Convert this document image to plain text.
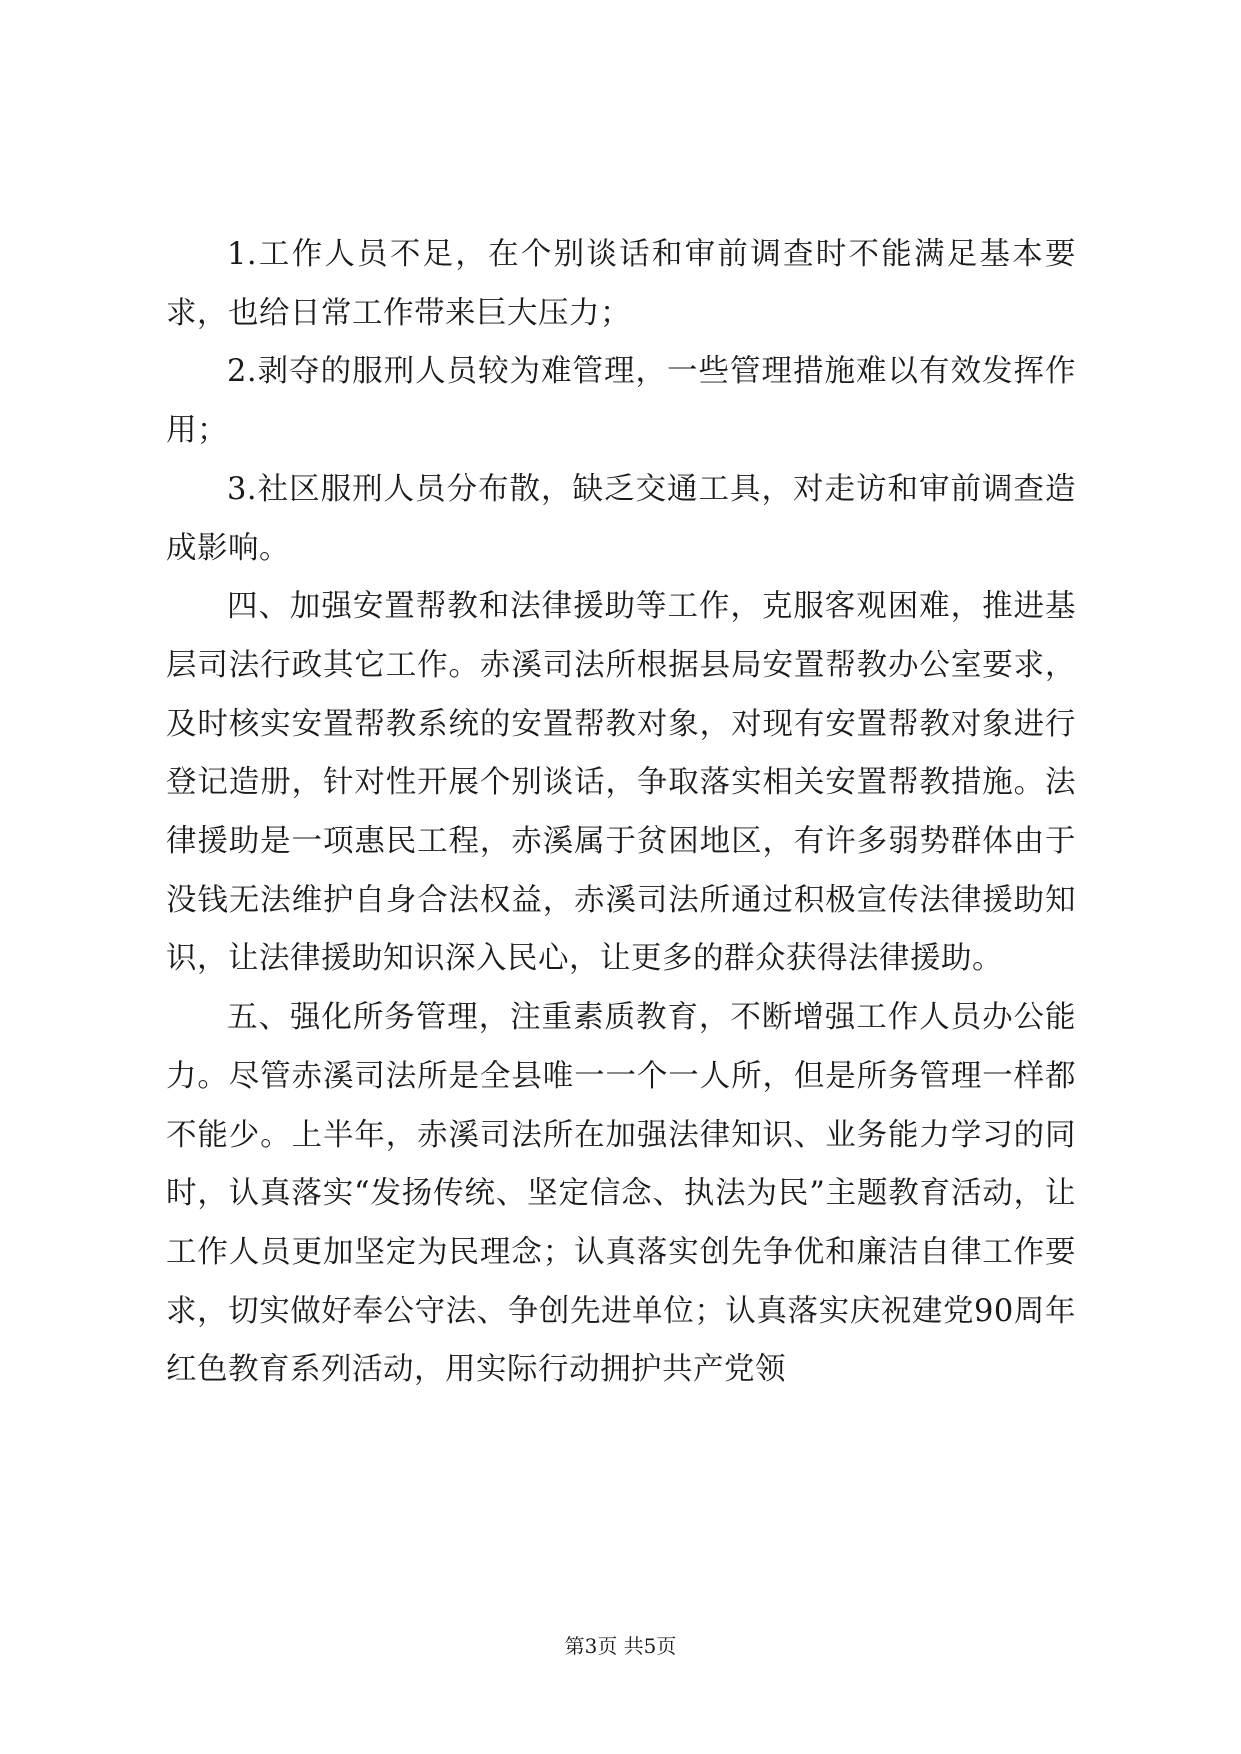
1.工作人员不足，在个别谈话和审前调查时不能满足基本要求，也给日常工作带来巨大压力；

2.剥夺的服刑人员较为难管理，一些管理措施难以有效发挥作用；

3.社区服刑人员分布散，缺乏交通工具，对走访和审前调查造成影响。

四、加强安置帮教和法律援助等工作，克服客观困难，推进基层司法行政其它工作。赤溪司法所根据县局安置帮教办公室要求，及时核实安置帮教系统的安置帮教对象，对现有安置帮教对象进行登记造册，针对性开展个别谈话，争取落实相关安置帮教措施。法律援助是一项惠民工程，赤溪属于贫困地区，有许多弱势群体由于没钱无法维护自身合法权益，赤溪司法所通过积极宣传法律援助知识，让法律援助知识深入民心，让更多的群众获得法律援助。

五、强化所务管理，注重素质教育，不断增强工作人员办公能力。尽管赤溪司法所是全县唯一一个一人所，但是所务管理一样都不能少。上半年，赤溪司法所在加强法律知识、业务能力学习的同时，认真落实“发扬传统、坚定信念、执法为民”主题教育活动，让工作人员更加坚定为民理念；认真落实创先争优和廉洁自律工作要求，切实做好奉公守法、争创先进单位；认真落实庆祝建党90周年红色教育系列活动，用实际行动拥护共产党领

第3页 共5页
